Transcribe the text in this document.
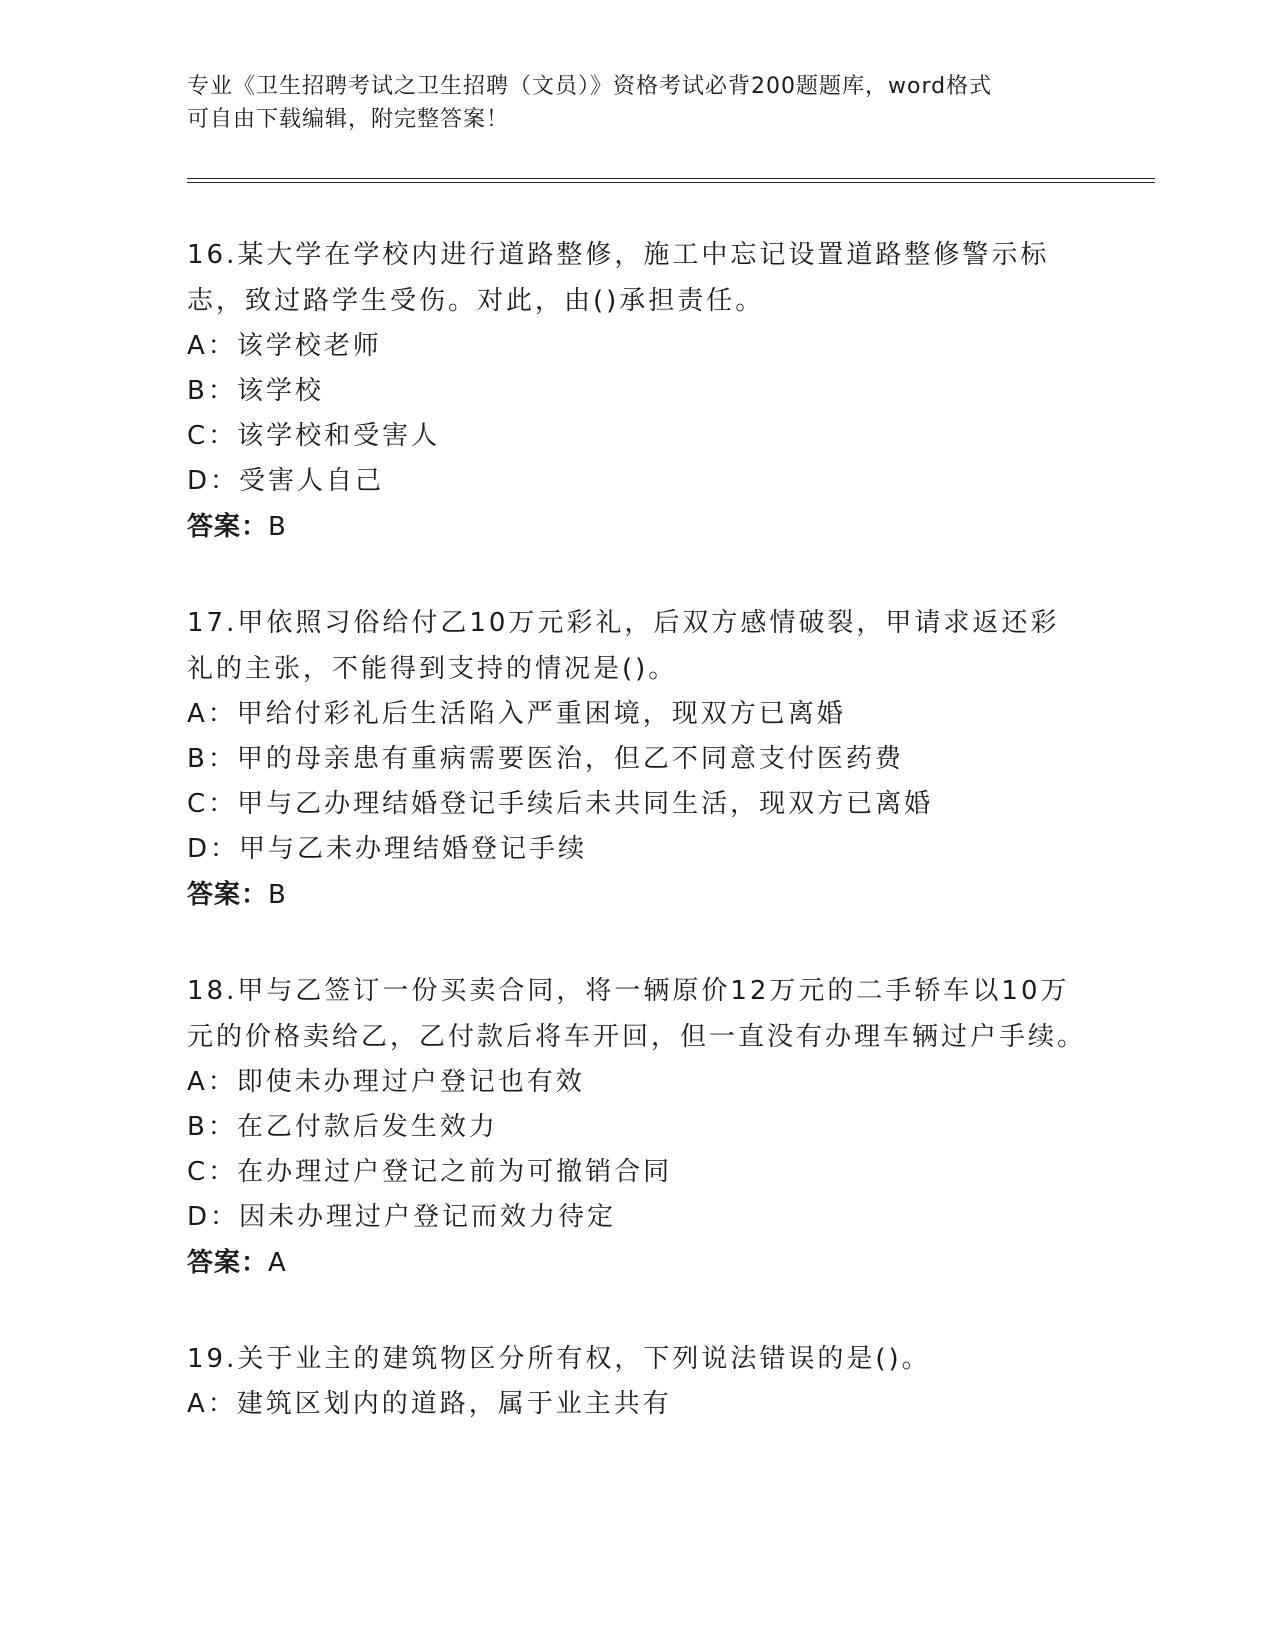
专业《卫生招聘考试之卫生招聘（文员）》资格考试必背200题题库，word格式
可自由下载编辑，附完整答案！

16.某大学在学校内进行道路整修，施工中忘记设置道路整修警示标志，致过路学生受伤。对此，由()承担责任。

A：该学校老师

B：该学校

C：该学校和受害人

D：受害人自己

答案：B

17.甲依照习俗给付乙10万元彩礼，后双方感情破裂，甲请求返还彩礼的主张，不能得到支持的情况是()。

A：甲给付彩礼后生活陷入严重困境，现双方已离婚

B：甲的母亲患有重病需要医治，但乙不同意支付医药费

C：甲与乙办理结婚登记手续后未共同生活，现双方已离婚

D：甲与乙未办理结婚登记手续

答案：B

18.甲与乙签订一份买卖合同，将一辆原价12万元的二手轿车以10万元的价格卖给乙，乙付款后将车开回，但一直没有办理车辆过户手续。

A：即使未办理过户登记也有效

B：在乙付款后发生效力

C：在办理过户登记之前为可撤销合同

D：因未办理过户登记而效力待定

答案：A

19.关于业主的建筑物区分所有权，下列说法错误的是()。

A：建筑区划内的道路，属于业主共有
